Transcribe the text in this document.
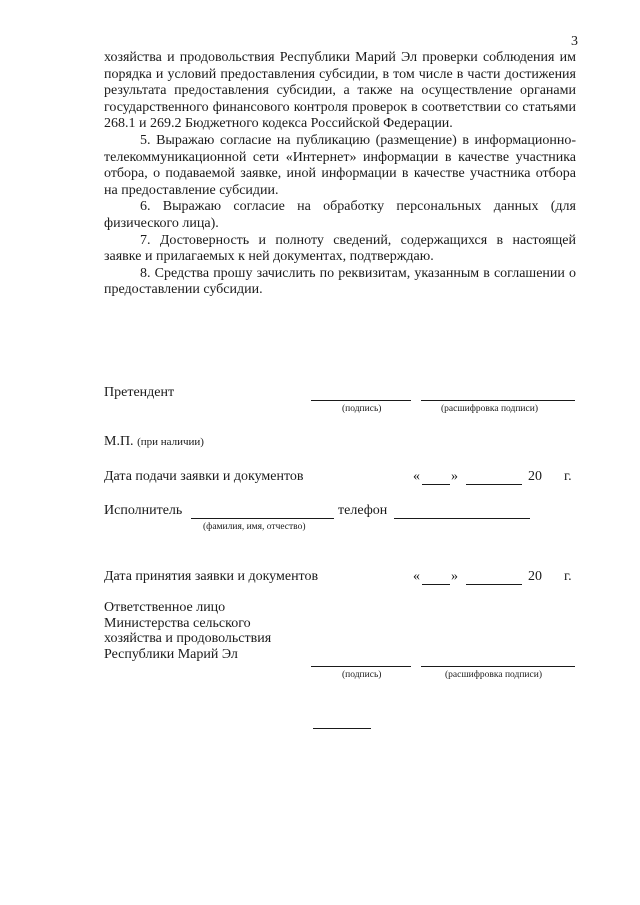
3

хозяйства и продовольствия Республики Марий Эл проверки соблюдения им порядка и условий предоставления субсидии, в том числе в части достижения результата предоставления субсидии, а также на осуществление органами государственного финансового контроля проверок в соответствии со статьями 268.1 и 269.2 Бюджетного кодекса Российской Федерации.

5. Выражаю согласие на публикацию (размещение) в информационно-телекоммуникационной сети «Интернет» информации в качестве участника отбора, о подаваемой заявке, иной информации в качестве участника отбора на предоставление субсидии.

6. Выражаю согласие на обработку персональных данных (для физического лица).

7. Достоверность и полноту сведений, содержащихся в настоящей заявке и прилагаемых к ней документах, подтверждаю.

8. Средства прошу зачислить по реквизитам, указанным в соглашении о предоставлении субсидии.

Претендент
(подпись)	(расшифровка подписи)
М.П. (при наличии)
Дата подачи заявки и документов	« »	20 г.
Исполнитель	телефон
(фамилия, имя, отчество)
Дата принятия заявки и документов	« »	20 г.
Ответственное лицо
Министерства сельского
хозяйства и продовольствия
Республики Марий Эл
(подпись)	(расшифровка подписи)
